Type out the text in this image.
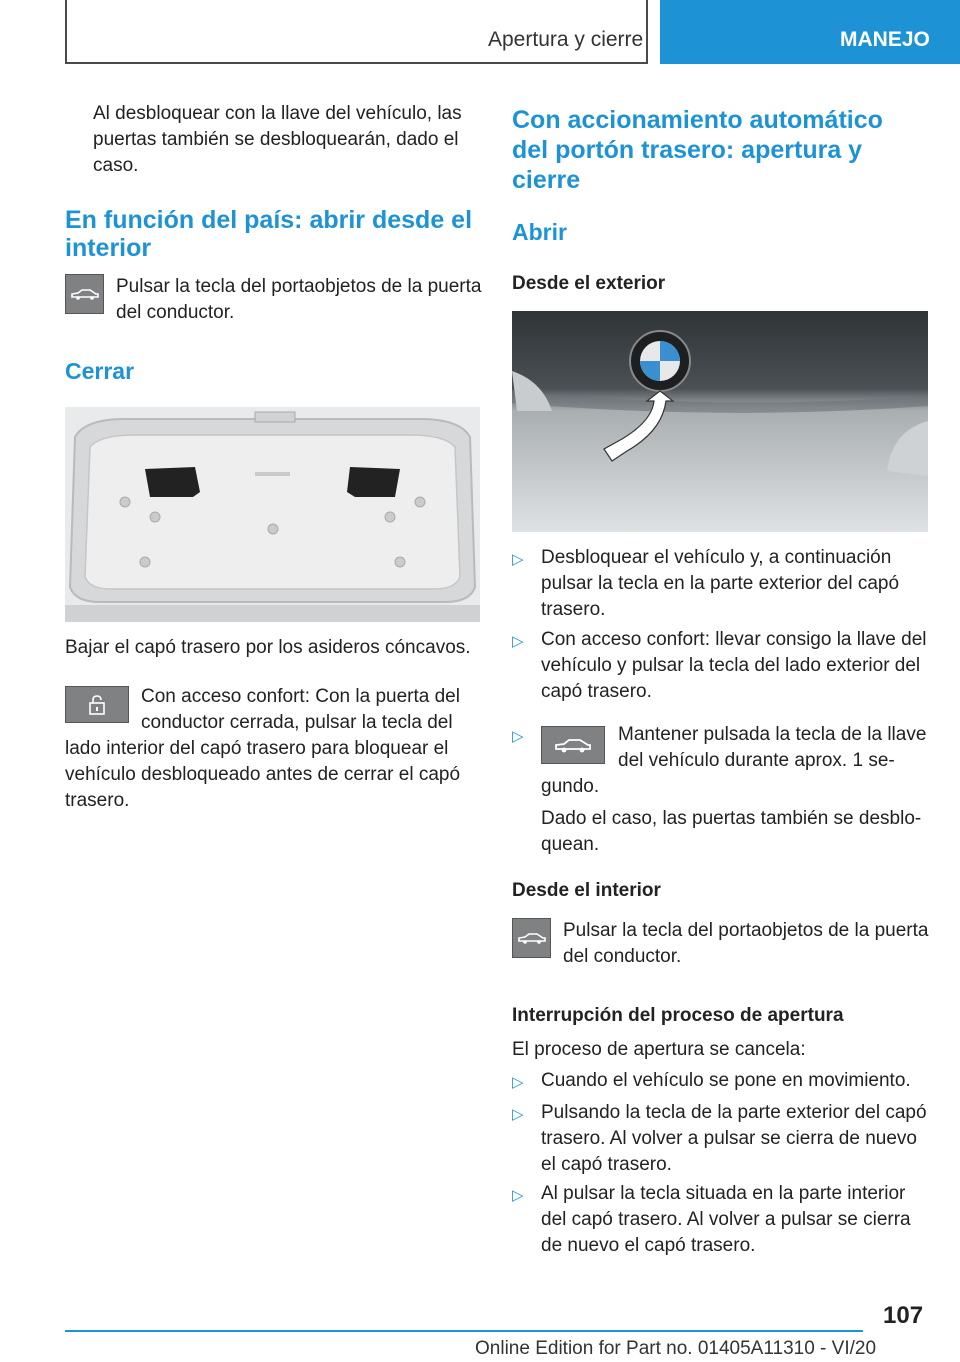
Apertura y cierre	MANEJO

Al desbloquear con la llave del vehículo, las

puertas también se desbloquearán, dado el

caso.

En función del país: abrir desde el
interior

Pulsar la tecla del portaobjetos de la puerta

del conductor.

Cerrar

Bajar el capó trasero por los asideros cóncavos.

Con acceso confort: Con la puerta del

conductor cerrada, pulsar la tecla del

lado interior del capó trasero para bloquear el

vehículo desbloqueado antes de cerrar el capó

trasero.

Con accionamiento automático
del portón trasero: apertura y
cierre
Abrir
Desde el exterior
▷ Desbloquear el vehículo y, a continuación

pulsar la tecla en la parte exterior del capó

trasero.

▷ Con acceso confort: llevar consigo la llave del

vehículo y pulsar la tecla del lado exterior del

capó trasero.

▷	Mantener pulsada la tecla de la llave

del vehículo durante aprox. 1 se-

gundo.

Dado el caso, las puertas también se desblo-

quean.

Desde el interior

Pulsar la tecla del portaobjetos de la puerta

del conductor.

Interrupción del proceso de apertura

El proceso de apertura se cancela:

▷ Cuando el vehículo se pone en movimiento.

▷ Pulsando la tecla de la parte exterior del capó

trasero. Al volver a pulsar se cierra de nuevo

el capó trasero.

▷ Al pulsar la tecla situada en la parte interior

del capó trasero. Al volver a pulsar se cierra

de nuevo el capó trasero.

107
Online Edition for Part no. 01405A11310 - VI/20
